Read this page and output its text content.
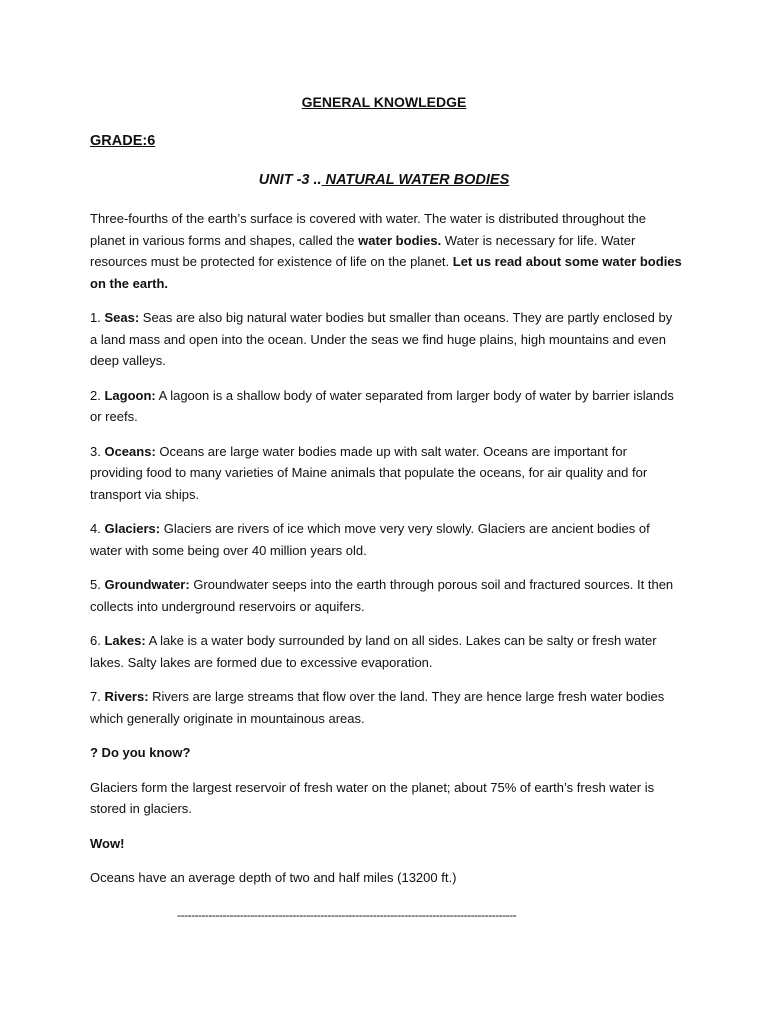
GENERAL KNOWLEDGE
GRADE:6
UNIT -3 .. NATURAL WATER BODIES

Three-fourths of the earth’s surface is covered with water. The water is distributed throughout the planet in various forms and shapes, called the water bodies. Water is necessary for life. Water resources must be protected for existence of life on the planet. Let us read about some water bodies on the earth.

1. Seas: Seas are also big natural water bodies but smaller than oceans. They are partly enclosed by a land mass and open into the ocean. Under the seas we find huge plains, high mountains and even deep valleys.

2. Lagoon: A lagoon is a shallow body of water separated from larger body of water by barrier islands or reefs.

3. Oceans: Oceans are large water bodies made up with salt water. Oceans are important for providing food to many varieties of Maine animals that populate the oceans, for air quality and for transport via ships.

4. Glaciers: Glaciers are rivers of ice which move very very slowly. Glaciers are ancient bodies of water with some being over 40 million years old.

5. Groundwater: Groundwater seeps into the earth through porous soil and fractured sources. It then collects into underground reservoirs or aquifers.

6. Lakes: A lake is a water body surrounded by land on all sides. Lakes can be salty or fresh water lakes. Salty lakes are formed due to excessive evaporation.

7. Rivers: Rivers are large streams that flow over the land. They are hence large fresh water bodies which generally originate in mountainous areas.

? Do you know?

Glaciers form the largest reservoir of fresh water on the planet; about 75% of earth’s fresh water is stored in glaciers.

Wow!

Oceans have an average depth of two and half miles (13200 ft.)

-------------------------------------------------------------------------------------------------
